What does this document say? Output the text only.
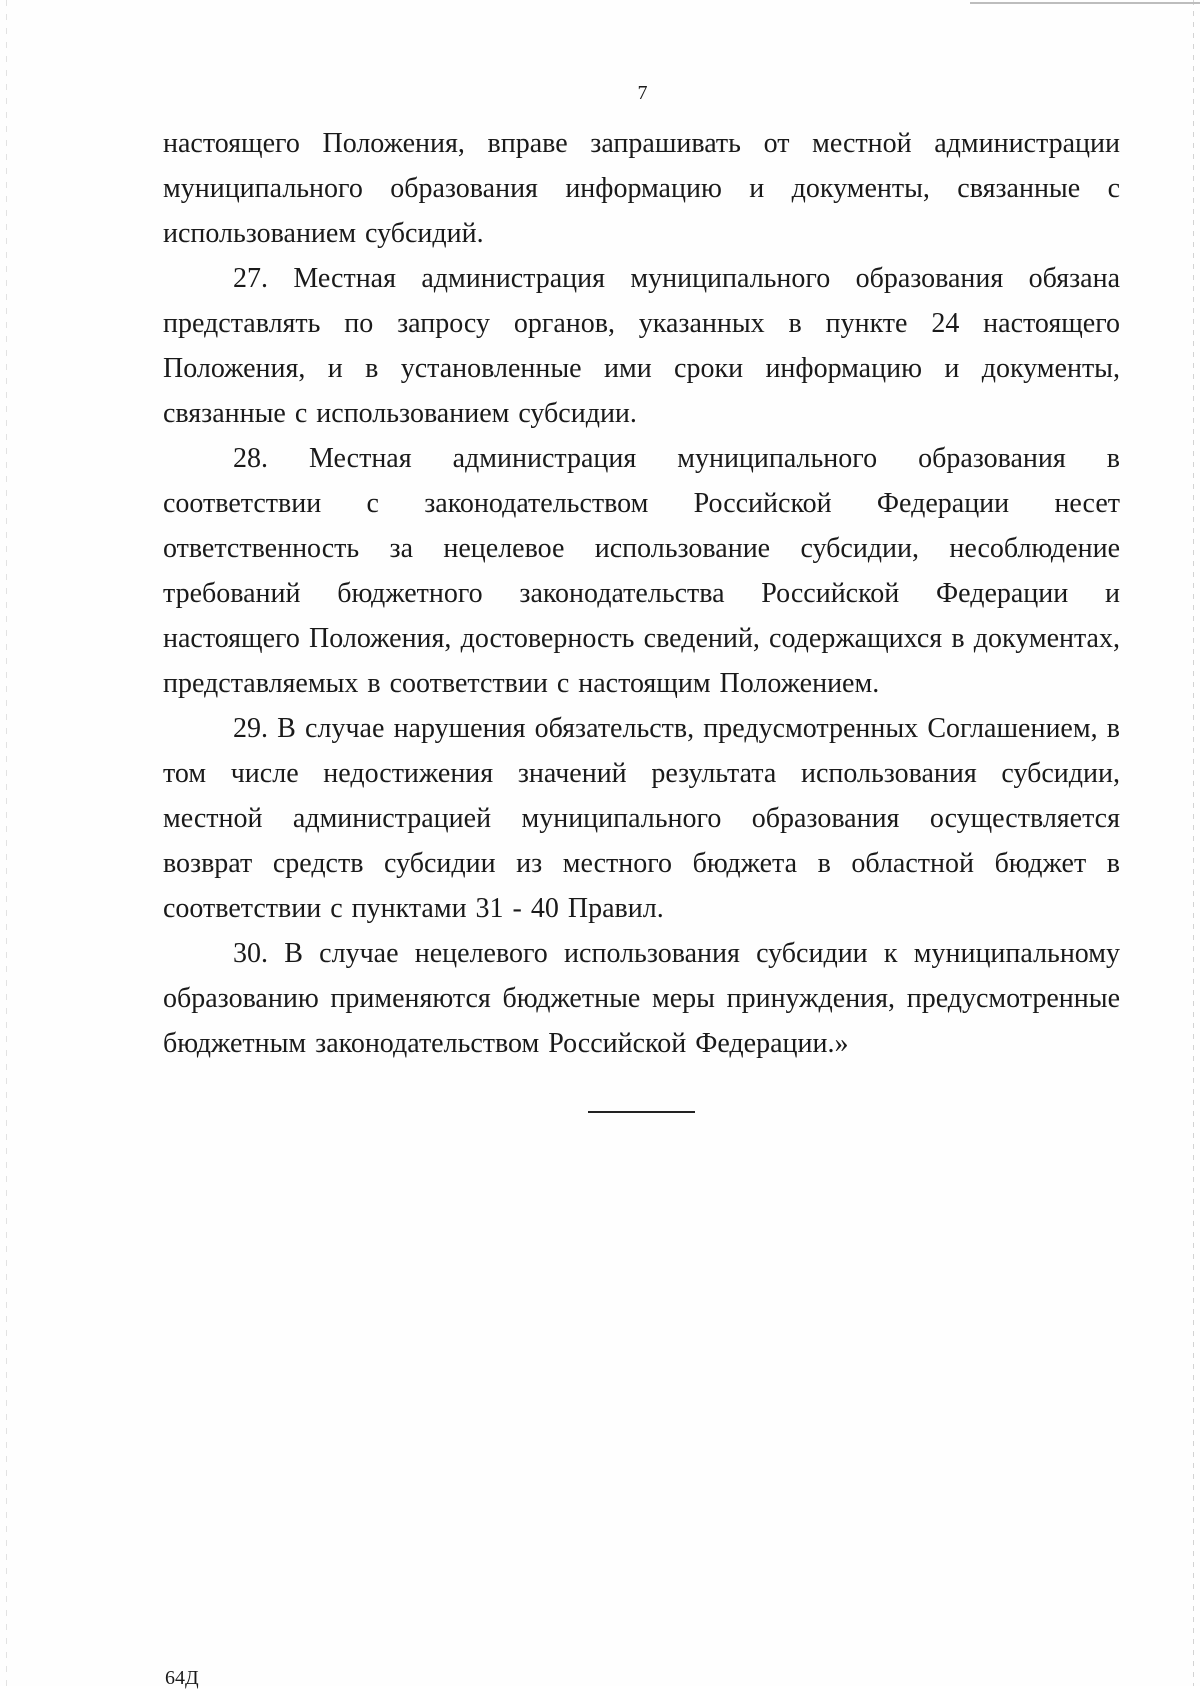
7

настоящего Положения, вправе запрашивать от местной администрации муниципального образования информацию и документы, связанные с использованием субсидий.

27. Местная администрация муниципального образования обязана представлять по запросу органов, указанных в пункте 24 настоящего Положения, и в установленные ими сроки информацию и документы, связанные с использованием субсидии.

28. Местная администрация муниципального образования в соответствии с законодательством Российской Федерации несет ответственность за нецелевое использование субсидии, несоблюдение требований бюджетного законодательства Российской Федерации и настоящего Положения, достоверность сведений, содержащихся в документах, представляемых в соответствии с настоящим Положением.

29. В случае нарушения обязательств, предусмотренных Соглашением, в том числе недостижения значений результата использования субсидии, местной администрацией муниципального образования осуществляется возврат средств субсидии из местного бюджета в областной бюджет в соответствии с пунктами 31 - 40 Правил.

30. В случае нецелевого использования субсидии к муниципальному образованию применяются бюджетные меры принуждения, предусмотренные бюджетным законодательством Российской Федерации.»

64Д
